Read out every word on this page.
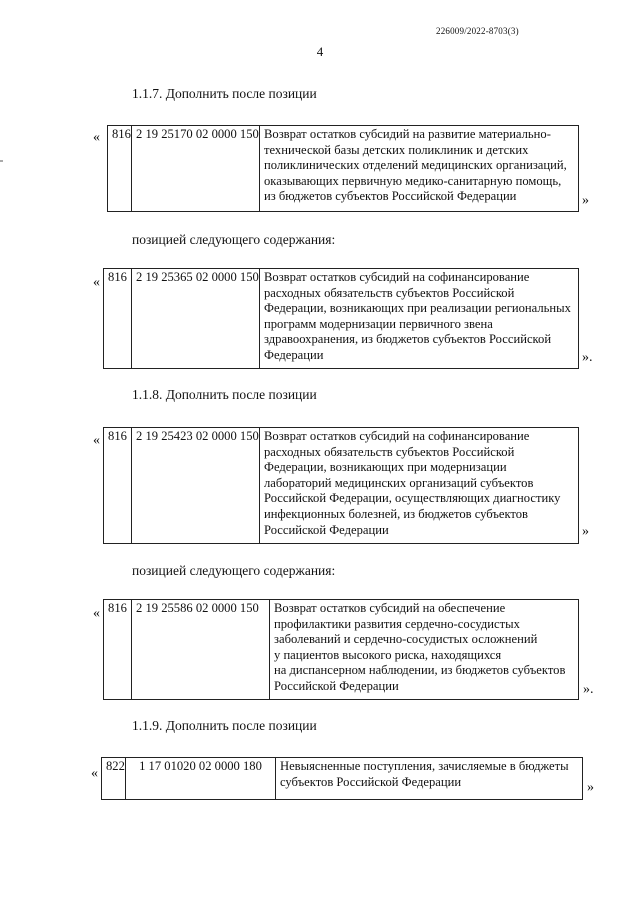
226009/2022-8703(3)
4
1.1.7. Дополнить после позиции
« 816	2 19 25170 02 0000 150	Возврат остатков субсидий на развитие материально-
технической базы детских поликлиник и детских
поликлинических отделений медицинских организаций,
оказывающих первичную медико-санитарную помощь,
из бюджетов субъектов Российской Федерации	»
позицией следующего содержания:
« 816	2 19 25365 02 0000 150	Возврат остатков субсидий на софинансирование
расходных обязательств субъектов Российской
Федерации, возникающих при реализации региональных
программ модернизации первичного звена
здравоохранения, из бюджетов субъектов Российской
Федерации	».
1.1.8. Дополнить после позиции
« 816	2 19 25423 02 0000 150	Возврат остатков субсидий на софинансирование
расходных обязательств субъектов Российской
Федерации, возникающих при модернизации
лабораторий медицинских организаций субъектов
Российской Федерации, осуществляющих диагностику
инфекционных болезней, из бюджетов субъектов
Российской Федерации	»
позицией следующего содержания:
« 816	2 19 25586 02 0000 150	Возврат остатков субсидий на обеспечение
профилактики развития сердечно-сосудистых
заболеваний и сердечно-сосудистых осложнений
у пациентов высокого риска, находящихся
на диспансерном наблюдении, из бюджетов субъектов
Российской Федерации	».
1.1.9. Дополнить после позиции
« 822	1 17 01020 02 0000 180	Невыясненные поступления, зачисляемые в бюджеты
субъектов Российской Федерации	»
